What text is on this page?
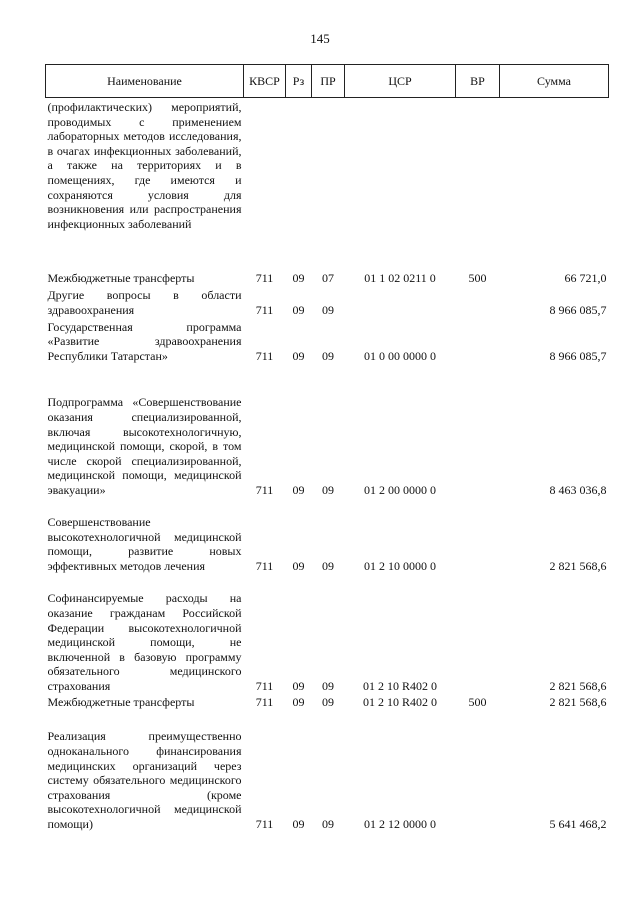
145
Наименование	КВСР	Рз	ПР	ЦСР	ВР	Сумма
(профилактических) мероприятий, проводимых с применением лабораторных методов исследования, в очагах инфекционных заболеваний, а также на территориях и в помещениях, где имеются и сохраняются условия для возникновения или распространения инфекционных заболеваний						
Межбюджетные трансферты	711	09	07	01 1 02 0211 0	500	66 721,0
Другие вопросы в области здравоохранения	711	09	09			8 966 085,7
Государственная программа «Развитие здравоохранения Республики Татарстан»	711	09	09	01 0 00 0000 0		8 966 085,7
Подпрограмма «Совершенствование оказания специализированной, включая высокотехнологичную, медицинской помощи, скорой, в том числе скорой специализированной, медицинской помощи, медицинской эвакуации»	711	09	09	01 2 00 0000 0		8 463 036,8
Совершенствование высокотехнологичной медицинской помощи, развитие новых эффективных методов лечения	711	09	09	01 2 10 0000 0		2 821 568,6
Софинансируемые расходы на оказание гражданам Российской Федерации высокотехнологичной медицинской помощи, не включенной в базовую программу обязательного медицинского страхования	711	09	09	01 2 10 R402 0		2 821 568,6
Межбюджетные трансферты	711	09	09	01 2 10 R402 0	500	2 821 568,6
Реализация преимущественно одноканального финансирования медицинских организаций через систему обязательного медицинского страхования (кроме высокотехнологичной медицинской помощи)	711	09	09	01 2 12 0000 0		5 641 468,2
